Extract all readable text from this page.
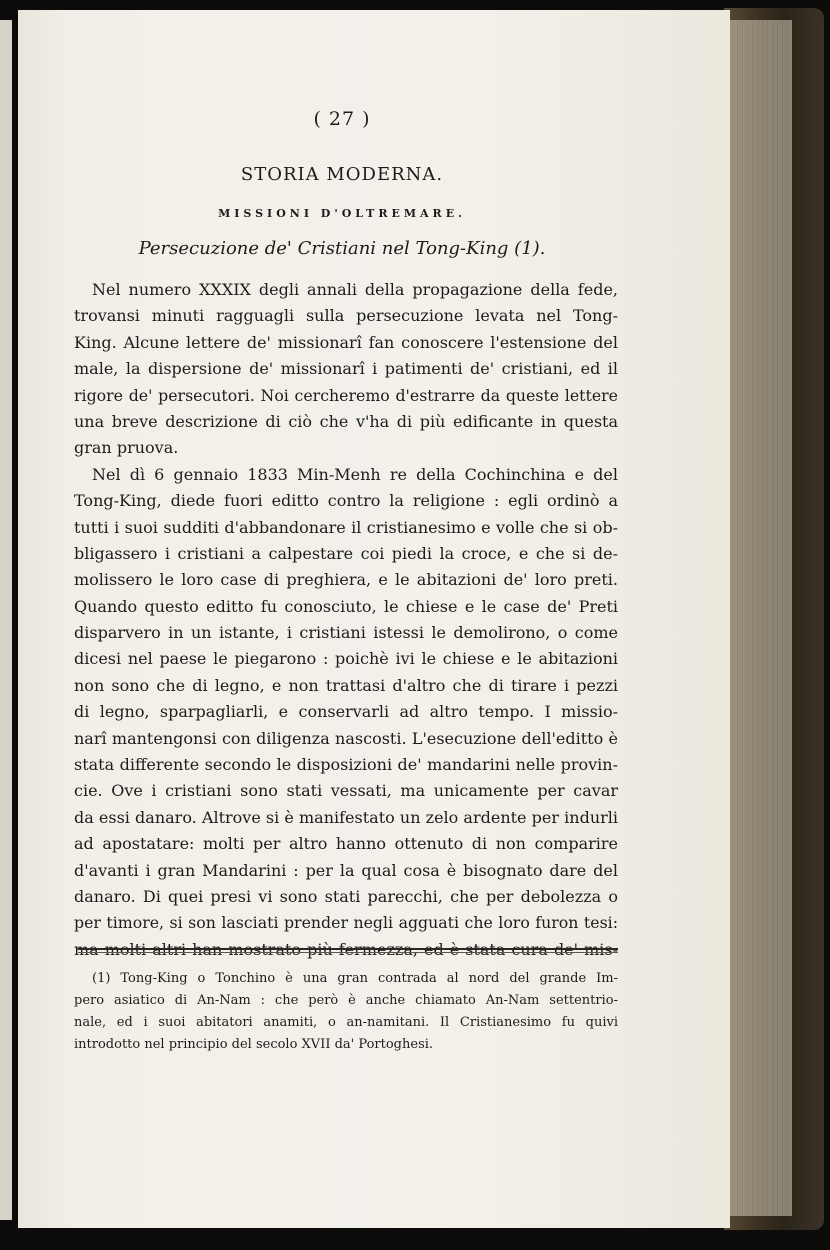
( 27 )
STORIA MODERNA.
MISSIONI D'OLTREMARE.
Persecuzione de' Cristiani nel Tong-King (1).
Nel numero XXXIX degli annali della propagazione della fede,
trovansi minuti ragguagli sulla persecuzione levata nel Tong-
King. Alcune lettere de' missionarî fan conoscere l'estensione del
male, la dispersione de' missionarî i patimenti de' cristiani, ed il
rigore de' persecutori. Noi cercheremo d'estrarre da queste lettere
una breve descrizione di ciò che v'ha di più edificante in questa
gran pruova.
Nel dì 6 gennaio 1833 Min-Menh re della Cochinchina e del
Tong-King, diede fuori editto contro la religione : egli ordinò a
tutti i suoi sudditi d'abbandonare il cristianesimo e volle che si ob-
bligassero i cristiani a calpestare coi piedi la croce, e che si de-
molissero le loro case di preghiera, e le abitazioni de' loro preti.
Quando questo editto fu conosciuto, le chiese e le case de' Preti
disparvero in un istante, i cristiani istessi le demolirono, o come
dicesi nel paese le piegarono : poichè ivi le chiese e le abitazioni
non sono che di legno, e non trattasi d'altro che di tirare i pezzi
di legno, sparpagliarli, e conservarli ad altro tempo. I missio-
narî mantengonsi con diligenza nascosti. L'esecuzione dell'editto è
stata differente secondo le disposizioni de' mandarini nelle provin-
cie. Ove i cristiani sono stati vessati, ma unicamente per cavar
da essi danaro. Altrove si è manifestato un zelo ardente per indurli
ad apostatare: molti per altro hanno ottenuto di non comparire
d'avanti i gran Mandarini : per la qual cosa è bisognato dare del
danaro. Di quei presi vi sono stati parecchi, che per debolezza o
per timore, si son lasciati prender negli agguati che loro furon tesi:
ma molti altri han mostrato più fermezza, ed è stata cura de' mis-
(1) Tong-King o Tonchino è una gran contrada al nord del grande Im-
pero asiatico di An-Nam : che però è anche chiamato An-Nam settentrio-
nale, ed i suoi abitatori anamiti, o an-namitani. Il Cristianesimo fu quivi
introdotto nel principio del secolo XVII da' Portoghesi.
